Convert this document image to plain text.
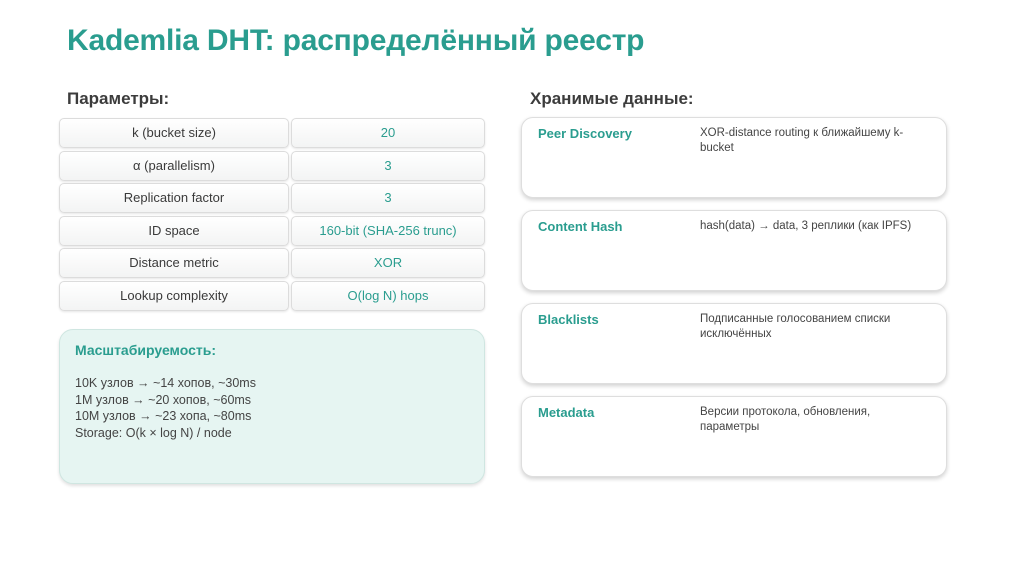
Kademlia DHT: распределённый реестр
Параметры:	Хранимые данные:
k (bucket size)	20
α (parallelism)	3
Replication factor	3
ID space	160-bit (SHA-256 trunc)
Distance metric	XOR
Lookup complexity	O(log N) hops
Масштабируемость:
10K узлов → ~14 хопов, ~30ms
1M узлов → ~20 хопов, ~60ms
10M узлов → ~23 хопа, ~80ms
Storage: O(k × log N) / node
Peer Discovery	XOR-distance routing к ближайшему k-bucket
Content Hash	hash(data) → data, 3 реплики (как IPFS)
Blacklists	Подписанные голосованием списки исключённых
Metadata	Версии протокола, обновления, параметры
